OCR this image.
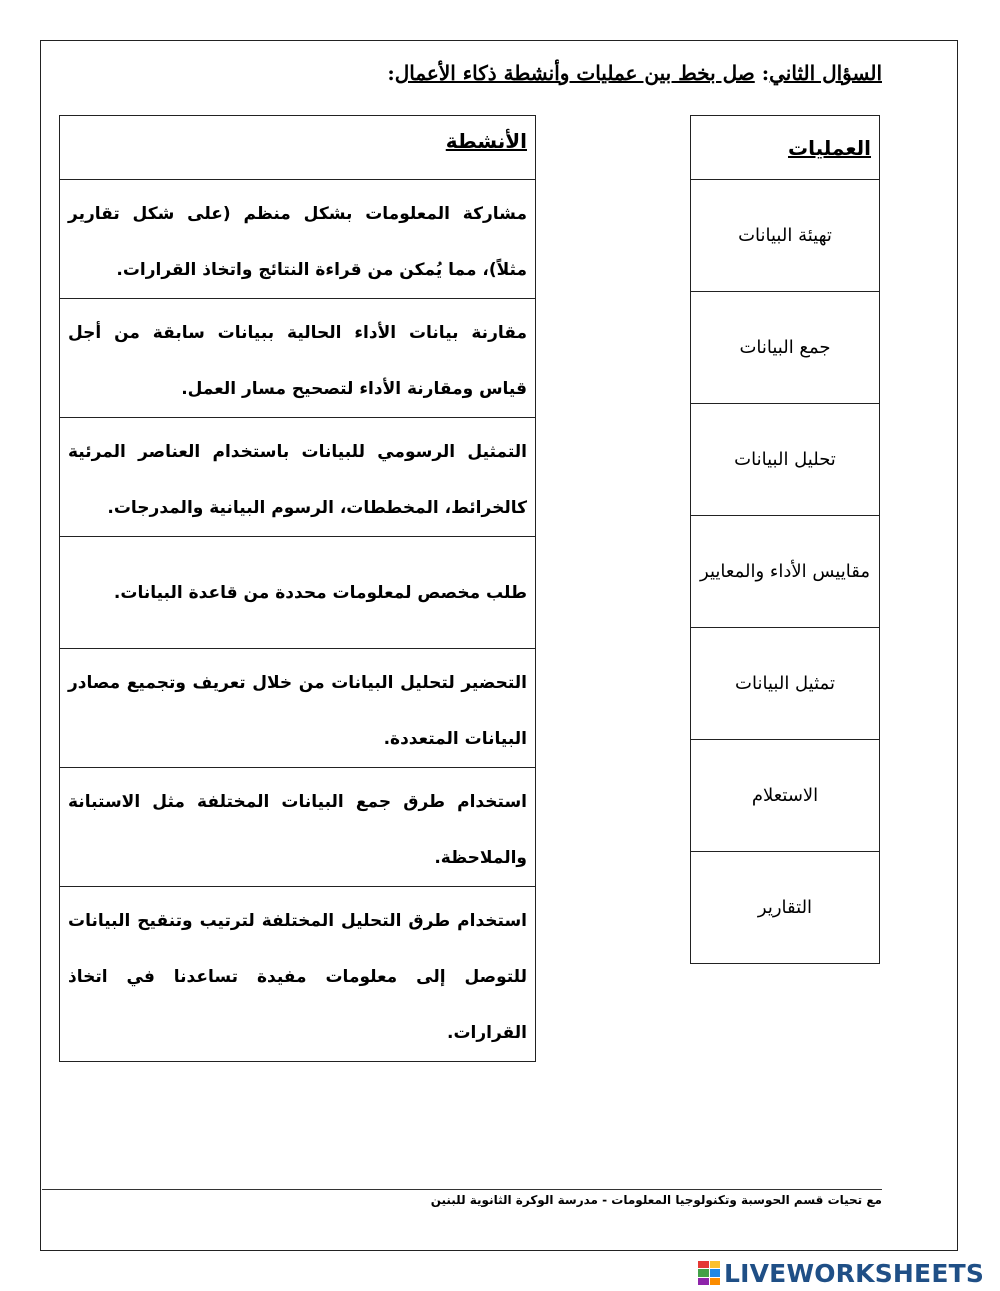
السؤال الثاني: صل بخط بين عمليات وأنشطة ذكاء الأعمال:
العمليات
تهيئة البيانات
جمع البيانات
تحليل البيانات
مقاييس الأداء والمعايير
تمثيل البيانات
الاستعلام
التقارير
الأنشطة
مشاركة المعلومات بشكل منظم (على شكل تقارير مثلاً)، مما يُمكن من قراءة النتائج واتخاذ القرارات.
مقارنة بيانات الأداء الحالية ببيانات سابقة من أجل قياس ومقارنة الأداء لتصحيح مسار العمل.
التمثيل الرسومي للبيانات باستخدام العناصر المرئية كالخرائط، المخططات، الرسوم البيانية والمدرجات.
طلب مخصص لمعلومات محددة من قاعدة البيانات.
التحضير لتحليل البيانات من خلال تعريف وتجميع مصادر البيانات المتعددة.
استخدام طرق جمع البيانات المختلفة مثل الاستبانة والملاحظة.
استخدام طرق التحليل المختلفة لترتيب وتنقيح البيانات للتوصل إلى معلومات مفيدة تساعدنا في اتخاذ القرارات.
مع تحيات قسم الحوسبة وتكنولوجيا المعلومات - مدرسة الوكرة الثانوية للبنين
LIVEWORKSHEETS
